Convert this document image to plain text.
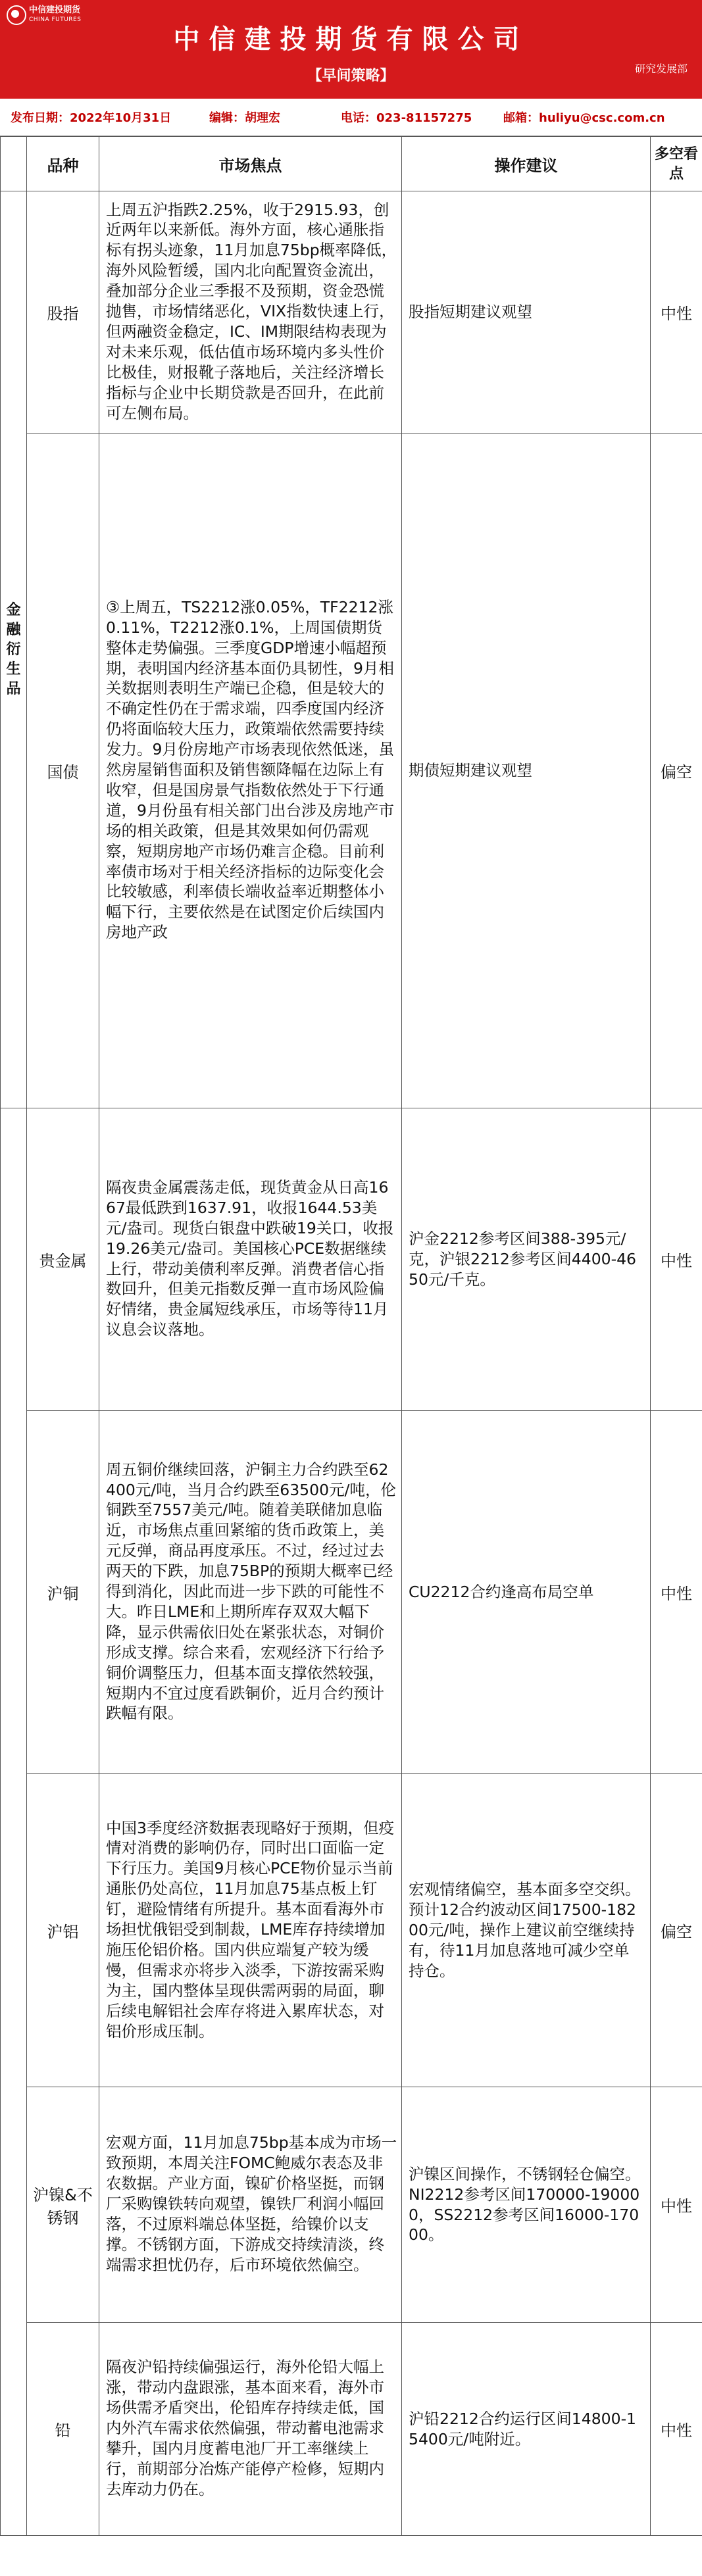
中信建投期货
CHINA FUTURES
中信建投期货有限公司
【早间策略】	研究发展部
发布日期：2022年10月31日	编辑：胡理宏	电话：023-81157275	邮箱：huliyu@csc.com.cn
	品种	市场焦点	操作建议	多空看点
金
融
衍
生
品	股指	上周五沪指跌2.25%，收于2915.93，创近两年以来新低。海外方面，核心通胀指标有拐头迹象，11月加息75bp概率降低，海外风险暂缓，国内北向配置资金流出，叠加部分企业三季报不及预期，资金恐慌抛售，市场情绪恶化，VIX指数快速上行，但两融资金稳定，IC、IM期限结构表现为对未来乐观，低估值市场环境内多头性价比极佳，财报靴子落地后，关注经济增长指标与企业中长期贷款是否回升，在此前可左侧布局。	股指短期建议观望	中性
	国债	③上周五，TS2212涨0.05%，TF2212涨0.11%，T2212涨0.1%，上周国债期货整体走势偏强。三季度GDP增速小幅超预期，表明国内经济基本面仍具韧性，9月相关数据则表明生产端已企稳，但是较大的不确定性仍在于需求端，四季度国内经济仍将面临较大压力，政策端依然需要持续发力。9月份房地产市场表现依然低迷，虽然房屋销售面积及销售额降幅在边际上有收窄，但是国房景气指数依然处于下行通道，9月份虽有相关部门出台涉及房地产市场的相关政策，但是其效果如何仍需观察，短期房地产市场仍难言企稳。目前利率债市场对于相关经济指标的边际变化会比较敏感，利率债长端收益率近期整体小幅下行，主要依然是在试图定价后续国内房地产政	期债短期建议观望	偏空
	贵金属	隔夜贵金属震荡走低，现货黄金从日高1667最低跌到1637.91，收报1644.53美元/盎司。现货白银盘中跌破19关口，收报19.26美元/盎司。美国核心PCE数据继续上行，带动美债利率反弹。消费者信心指数回升，但美元指数反弹一直市场风险偏好情绪，贵金属短线承压，市场等待11月议息会议落地。	沪金2212参考区间388-395元/克，沪银2212参考区间4400-4650元/千克。	中性
	沪铜	周五铜价继续回落，沪铜主力合约跌至62400元/吨，当月合约跌至63500元/吨，伦铜跌至7557美元/吨。随着美联储加息临近，市场焦点重回紧缩的货币政策上，美元反弹，商品再度承压。不过，经过过去两天的下跌，加息75BP的预期大概率已经得到消化，因此而进一步下跌的可能性不大。昨日LME和上期所库存双双大幅下降，显示供需依旧处在紧张状态，对铜价形成支撑。综合来看，宏观经济下行给予铜价调整压力，但基本面支撑依然较强，短期内不宜过度看跌铜价，近月合约预计跌幅有限。	CU2212合约逢高布局空单	中性
	沪铝	中国3季度经济数据表现略好于预期，但疫情对消费的影响仍存，同时出口面临一定下行压力。美国9月核心PCE物价显示当前通胀仍处高位，11月加息75基点板上钉钉，避险情绪有所提升。基本面看海外市场担忧俄铝受到制裁，LME库存持续增加施压伦铝价格。国内供应端复产较为缓慢，但需求亦将步入淡季，下游按需采购为主，国内整体呈现供需两弱的局面，聊后续电解铝社会库存将进入累库状态，对铝价形成压制。	宏观情绪偏空，基本面多空交织。预计12合约波动区间17500-18200元/吨，操作上建议前空继续持有，待11月加息落地可减少空单持仓。	偏空
	沪镍&不锈钢	宏观方面，11月加息75bp基本成为市场一致预期，本周关注FOMC鲍威尔表态及非农数据。产业方面，镍矿价格坚挺，而钢厂采购镍铁转向观望，镍铁厂利润小幅回落，不过原料端总体坚挺，给镍价以支撑。不锈钢方面，下游成交持续清淡，终端需求担忧仍存，后市环境依然偏空。	沪镍区间操作，不锈钢轻仓偏空。NI2212参考区间170000-190000，SS2212参考区间16000-17000。	中性
	铅	隔夜沪铅持续偏强运行，海外伦铅大幅上涨，带动内盘跟涨，基本面来看，海外市场供需矛盾突出，伦铅库存持续走低，国内外汽车需求依然偏强，带动蓄电池需求攀升，国内月度蓄电池厂开工率继续上行，前期部分冶炼产能停产检修，短期内去库动力仍在。	沪铅2212合约运行区间14800-15400元/吨附近。	中性
